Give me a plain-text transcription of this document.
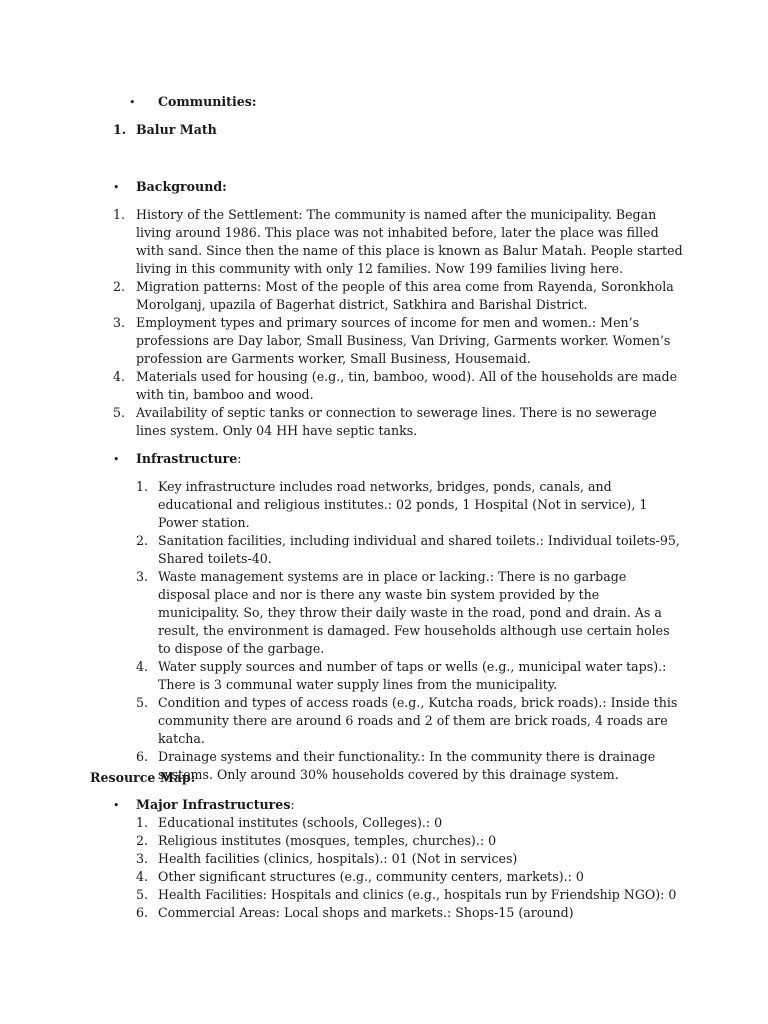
• Communities:
1. Balur Math
• Background:
1. History of the Settlement: The community is named after the municipality. Began living around 1986. This place was not inhabited before, later the place was filled with sand. Since then the name of this place is known as Balur Matah. People started living in this community with only 12 families. Now 199 families living here.

2. Migration patterns: Most of the people of this area come from Rayenda, Soronkhola Morolganj, upazila of Bagerhat district, Satkhira and Barishal District.

3. Employment types and primary sources of income for men and women.: Men’s professions are Day labor, Small Business, Van Driving, Garments worker. Women’s profession are Garments worker, Small Business, Housemaid.

4. Materials used for housing (e.g., tin, bamboo, wood). All of the households are made with tin, bamboo and wood.

5. Availability of septic tanks or connection to sewerage lines. There is no sewerage lines system. Only 04 HH have septic tanks.

• Infrastructure:
1. Key infrastructure includes road networks, bridges, ponds, canals, and educational and religious institutes.: 02 ponds, 1 Hospital (Not in service), 1 Power station.

2. Sanitation facilities, including individual and shared toilets.: Individual toilets-95, Shared toilets-40.

3. Waste management systems are in place or lacking.: There is no garbage disposal place and nor is there any waste bin system provided by the municipality. So, they throw their daily waste in the road, pond and drain. As a result, the environment is damaged. Few households although use certain holes to dispose of the garbage.

4. Water supply sources and number of taps or wells (e.g., municipal water taps).: There is 3 communal water supply lines from the municipality.

5. Condition and types of access roads (e.g., Kutcha roads, brick roads).: Inside this community there are around 6 roads and 2 of them are brick roads, 4 roads are katcha.

6. Drainage systems and their functionality.: In the community there is drainage systems. Only around 30% households covered by this drainage system.

Resource Map:
• Major Infrastructures:
1. Educational institutes (schools, Colleges).: 0

2. Religious institutes (mosques, temples, churches).: 0

3. Health facilities (clinics, hospitals).: 01 (Not in services)

4. Other significant structures (e.g., community centers, markets).: 0

5. Health Facilities: Hospitals and clinics (e.g., hospitals run by Friendship NGO): 0

6. Commercial Areas: Local shops and markets.: Shops-15 (around)
